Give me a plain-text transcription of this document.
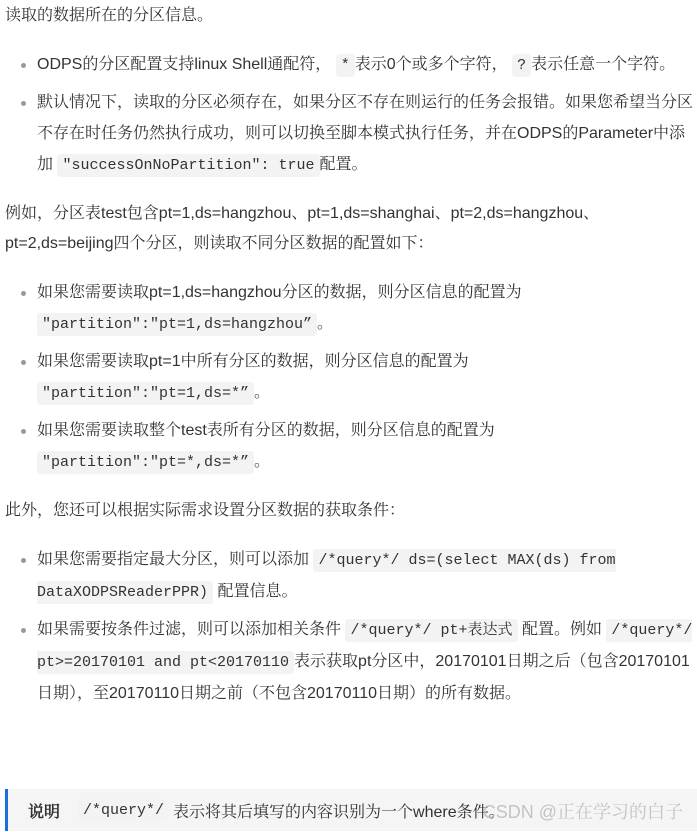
读取的数据所在的分区信息。

ODPS的分区配置支持linux Shell通配符， * 表示0个或多个字符， ? 表示任意一个字符。
默认情况下，读取的分区必须存在，如果分区不存在则运行的任务会报错。如果您希望当分区不存在时任务仍然执行成功，则可以切换至脚本模式执行任务，并在ODPS的Parameter中添加 "successOnNoPartition": true 配置。

例如，分区表test包含pt=1,ds=hangzhou、pt=1,ds=shanghai、pt=2,ds=hangzhou、pt=2,ds=beijing四个分区，则读取不同分区数据的配置如下：

如果您需要读取pt=1,ds=hangzhou分区的数据，则分区信息的配置为 "partition":"pt=1,ds=hangzhou” 。
如果您需要读取pt=1中所有分区的数据，则分区信息的配置为 "partition":"pt=1,ds=*” 。
如果您需要读取整个test表所有分区的数据，则分区信息的配置为 "partition":"pt=*,ds=*” 。

此外，您还可以根据实际需求设置分区数据的获取条件：

如果您需要指定最大分区，则可以添加 /*query*/ ds=(select MAX(ds) from DataXODPSReaderPPR) 配置信息。
如果需要按条件过滤，则可以添加相关条件 /*query*/ pt+表达式 配置。例如 /*query*/ pt>=20170101 and pt<20170110 表示获取pt分区中，20170101日期之后（包含20170101日期），至20170110日期之前（不包含20170110日期）的所有数据。
说明	/*query*/ 表示将其后填写的内容识别为一个where条件。
CSDN @正在学习的白子
